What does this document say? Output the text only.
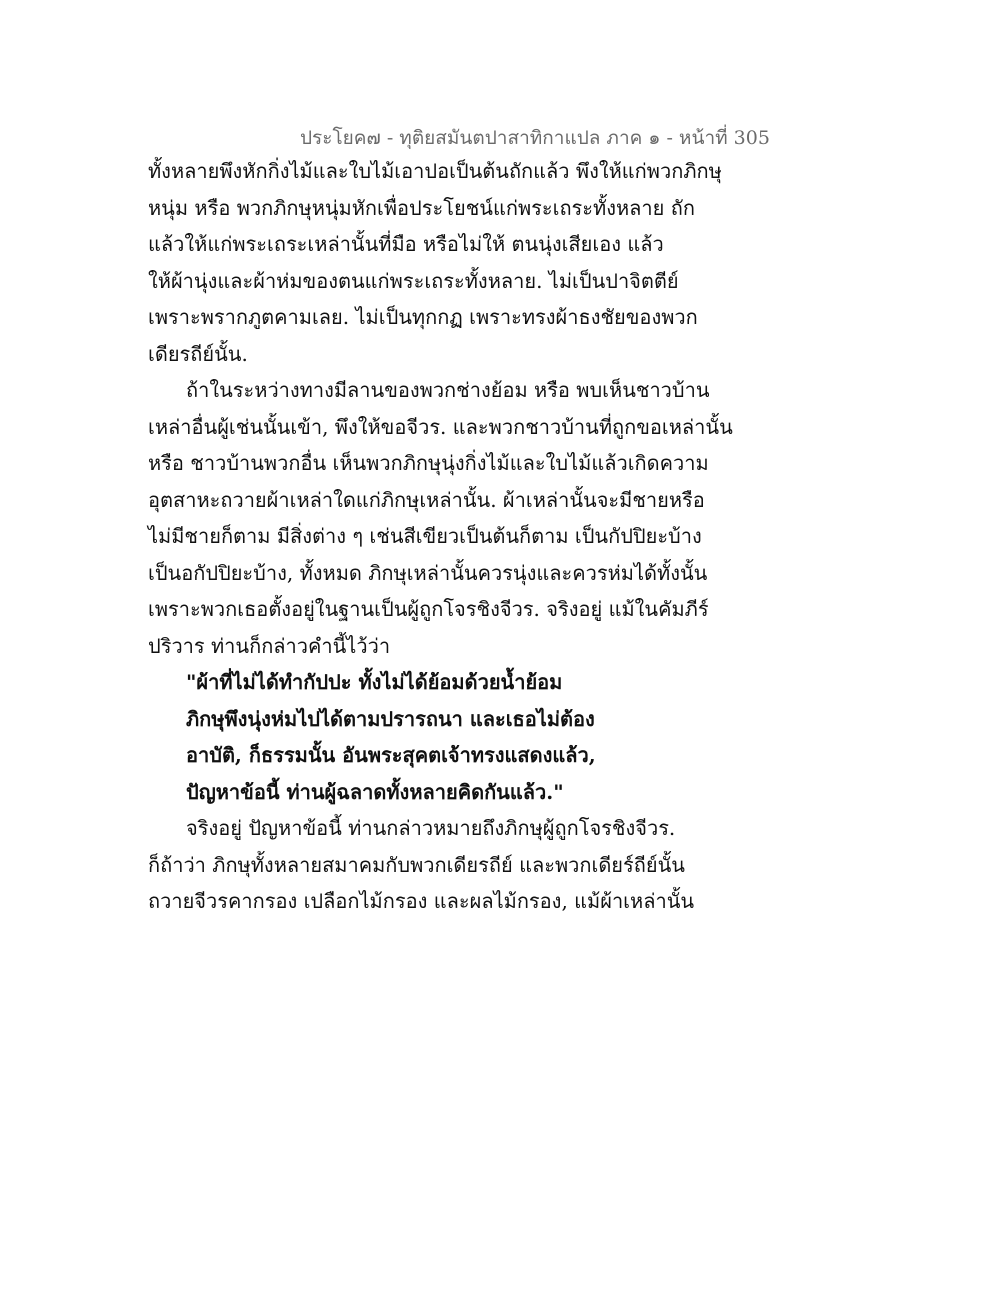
ประโยค๗ - ทุติยสมันตปาสาทิกาแปล ภาค ๑ - หน้าที่ 305
ทั้งหลายพึงหักกิ่งไม้และใบไม้เอาปอเป็นต้นถักแล้ว พึงให้แก่พวกภิกษุ
หนุ่ม หรือ พวกภิกษุหนุ่มหักเพื่อประโยชน์แก่พระเถระทั้งหลาย ถัก
แล้วให้แก่พระเถระเหล่านั้นที่มือ หรือไม่ให้ ตนนุ่งเสียเอง แล้ว
ให้ผ้านุ่งและผ้าห่มของตนแก่พระเถระทั้งหลาย. ไม่เป็นปาจิตตีย์
เพราะพรากภูตคามเลย. ไม่เป็นทุกกฏ เพราะทรงผ้าธงชัยของพวก
เดียรถีย์นั้น.
ถ้าในระหว่างทางมีลานของพวกช่างย้อม หรือ พบเห็นชาวบ้าน
เหล่าอื่นผู้เช่นนั้นเข้า, พึงให้ขอจีวร. และพวกชาวบ้านที่ถูกขอเหล่านั้น
หรือ ชาวบ้านพวกอื่น เห็นพวกภิกษุนุ่งกิ่งไม้และใบไม้แล้วเกิดความ
อุตสาหะถวายผ้าเหล่าใดแก่ภิกษุเหล่านั้น. ผ้าเหล่านั้นจะมีชายหรือ
ไม่มีชายก็ตาม มีสิ่งต่าง ๆ เช่นสีเขียวเป็นต้นก็ตาม เป็นกัปปิยะบ้าง
เป็นอกัปปิยะบ้าง, ทั้งหมด ภิกษุเหล่านั้นควรนุ่งและควรห่มได้ทั้งนั้น
เพราะพวกเธอตั้งอยู่ในฐานเป็นผู้ถูกโจรชิงจีวร. จริงอยู่ แม้ในคัมภีร์
ปริวาร ท่านก็กล่าวคำนี้ไว้ว่า
"ผ้าที่ไม่ได้ทำกัปปะ ทั้งไม่ได้ย้อมด้วยน้ำย้อม
ภิกษุพึงนุ่งห่มไปได้ตามปรารถนา และเธอไม่ต้อง
อาบัติ, ก็ธรรมนั้น อันพระสุคตเจ้าทรงแสดงแล้ว,
ปัญหาข้อนี้ ท่านผู้ฉลาดทั้งหลายคิดกันแล้ว."
จริงอยู่ ปัญหาข้อนี้ ท่านกล่าวหมายถึงภิกษุผู้ถูกโจรชิงจีวร.
ก็ถ้าว่า ภิกษุทั้งหลายสมาคมกับพวกเดียรถีย์ และพวกเดียร์ถีย์นั้น
ถวายจีวรคากรอง เปลือกไม้กรอง และผลไม้กรอง, แม้ผ้าเหล่านั้น
